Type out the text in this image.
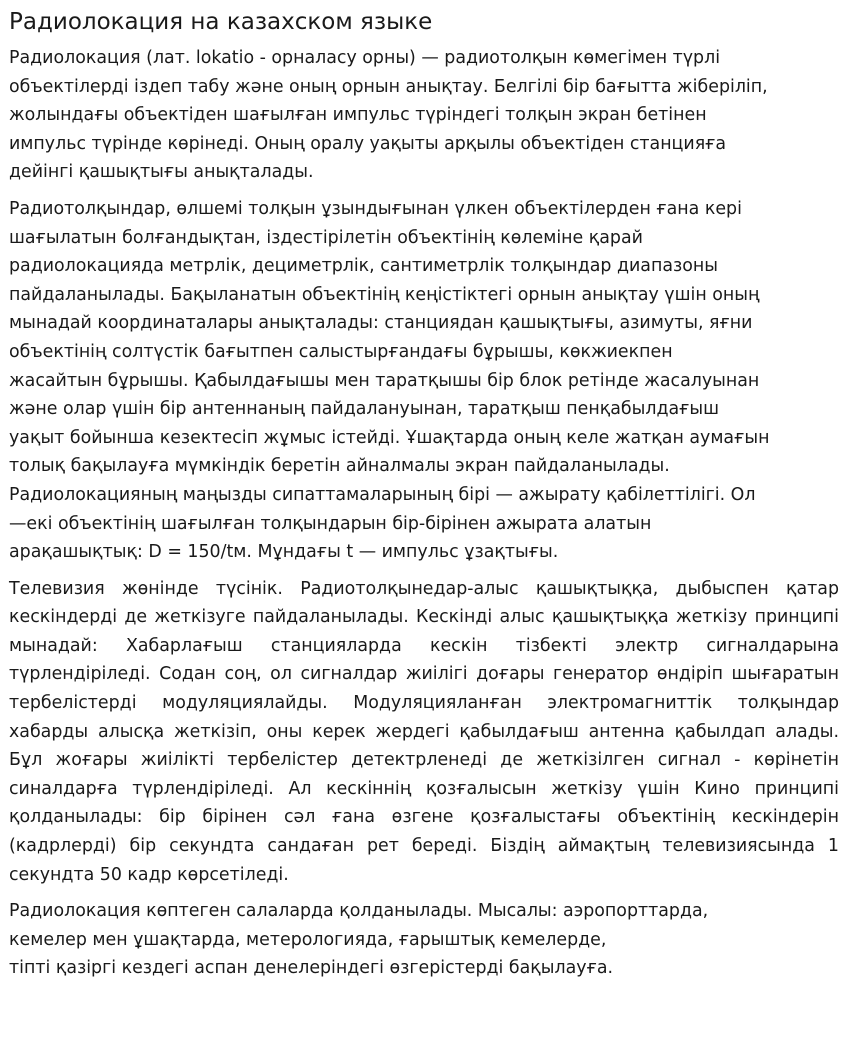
Радиолокация на казахском языке

Радиолокация (лат. lokatio - орналасу орны) — радиотолқын көмегімен түрлі
объектілерді іздеп табу және оның орнын анықтау. Белгілі бір бағытта жіберіліп,
жолындағы объектіден шағылған импульс түріндегі толқын экран бетінен
импульс түрінде көрінеді. Оның оралу уақыты арқылы объектіден станцияға
дейінгі қашықтығы анықталады.

Радиотолқындар, өлшемі толқын ұзындығынан үлкен объектілерден ғана кері
шағылатын болғандықтан, іздестірілетін объектінің көлеміне қарай
радиолокацияда метрлік, дециметрлік, сантиметрлік толқындар диапазоны
пайдаланылады. Бақыланатын объектінің кеңістіктегі орнын анықтау үшін оның
мынадай координаталары анықталады: станциядан қашықтығы, азимуты, яғни
объектінің солтүстік бағытпен салыстырғандағы бұрышы, көкжиекпен
жасайтын бұрышы. Қабылдағышы мен таратқышы бір блок ретінде жасалуынан
және олар үшін бір антеннаның пайдалануынан, таратқыш пенқабылдағыш
уақыт бойынша кезектесіп жұмыс істейді. Ұшақтарда оның келе жатқан аумағын
толық бақылауға мүмкіндік беретін айналмалы экран пайдаланылады.
Радиолокацияның маңызды сипаттамаларының бірі — ажырату қабілеттілігі. Ол
—екі объектінің шағылған толқындарын бір-бірінен ажырата алатын
арақашықтық: D = 150/tм. Мұндағы t — импульс ұзақтығы.

Телевизия жөнінде түсінік. Радиотолқынедар-алыс қашықтыққа, дыбыспен қатар кескіндерді де жеткізуге пайдаланылады. Кескінді алыс қашықтыққа жеткізу принципі мынадай: Хабарлағыш станцияларда кескін тізбекті электр сигналдарына түрлендіріледі. Содан соң, ол сигналдар жиілігі доғары генератор өндіріп шығаратын тербелістерді модуляциялайды. Модуляцияланған электромагниттік толқындар хабарды алысқа жеткізіп, оны керек жердегі қабылдағыш антенна қабылдап алады. Бұл жоғары жиілікті тербелістер детектрленеді де жеткізілген сигнал - көрінетін синалдарға түрлендіріледі. Ал кескіннің қозғалысын жеткізу үшін Кино принципі қолданылады: бір бірінен сәл ғана өзгене қозғалыстағы объектінің кескіндерін (кадрлерді) бір секундта сандаған рет береді. Біздің аймақтың телевизиясында 1 секундта 50 кадр көрсетіледі.

Радиолокация көптеген салаларда қолданылады. Мысалы: аэропорттарда,
кемелер мен ұшақтарда, метерологияда, ғарыштық кемелерде,
тіпті қазіргі кездегі аспан денелеріндегі өзгерістерді бақылауға.
